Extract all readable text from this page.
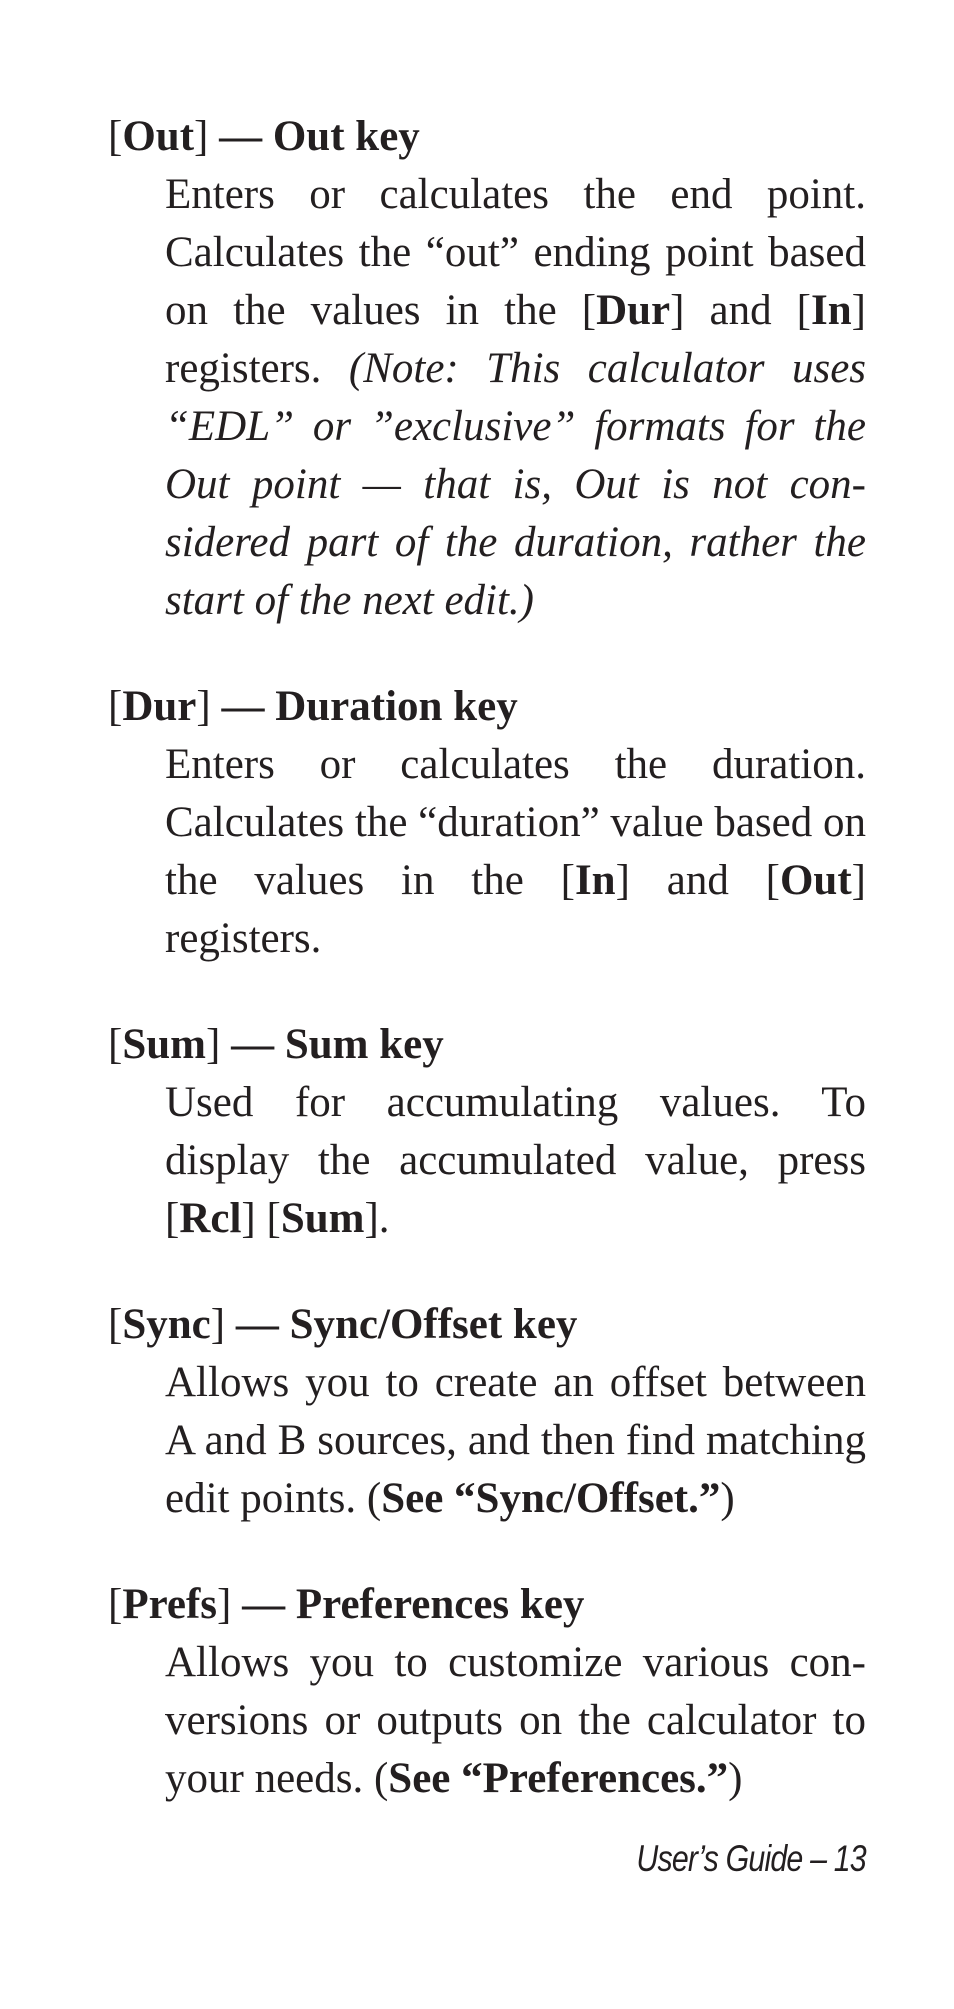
[Out] — Out key

Enters or calculates the end point. Calculates the “out” ending point based on the values in the [Dur] and [In] registers. (Note: This calculator uses “EDL” or ”exclusive” formats for the Out point — that is, Out is not considered part of the duration, rather the start of the next edit.)

[Dur] — Duration key

Enters or calculates the duration. Calculates the “duration” value based on the values in the [In] and [Out] registers.

[Sum] — Sum key

Used for accumulating values. To display the accumulated value, press [Rcl] [Sum].

[Sync] — Sync/Offset key

Allows you to create an offset between A and B sources, and then find matching edit points. (See “Sync/Offset.”)

[Prefs] — Preferences key

Allows you to customize various conversions or outputs on the calculator to your needs. (See “Preferences.”)

User’s Guide – 13
